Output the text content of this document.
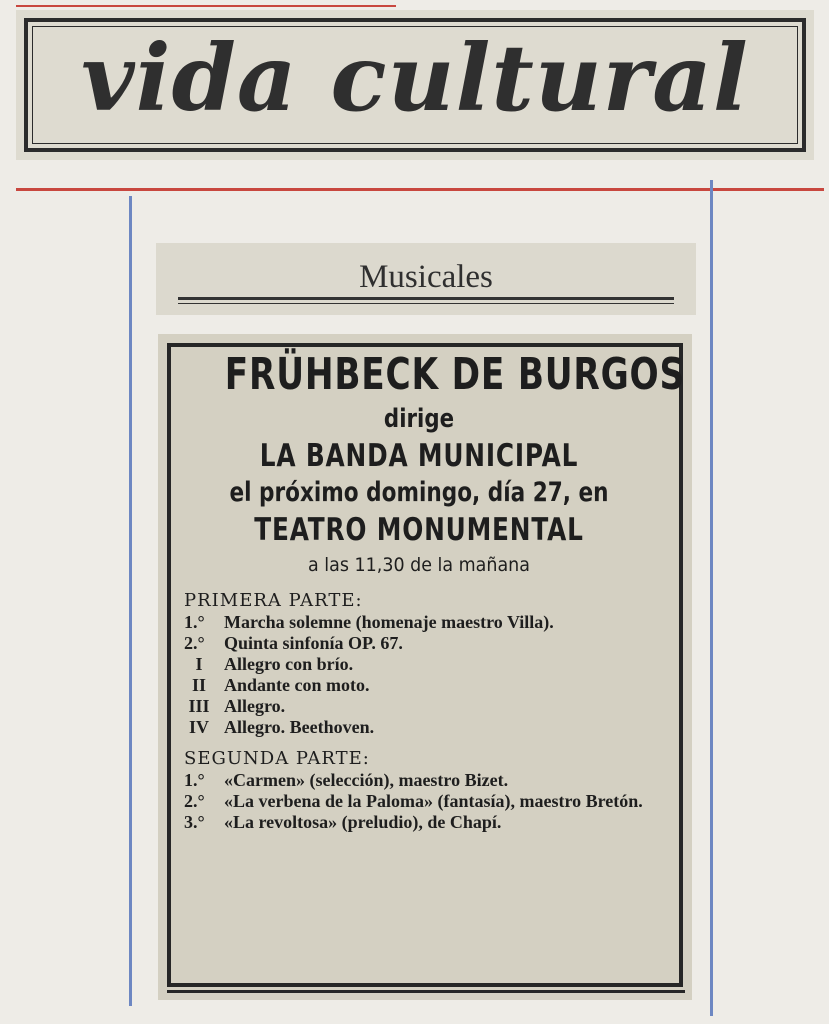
vida cultural
Musicales
FRÜHBECK DE BURGOS
dirige
LA BANDA MUNICIPAL
el próximo domingo, día 27, en
TEATRO MONUMENTAL
a las 11,30 de la mañana
PRIMERA PARTE:
1.°	Marcha solemne (homenaje maestro Villa).
2.°	Quinta sinfonía OP. 67.
I	Allegro con brío.
II	Andante con moto.
III Allegro.
IV Allegro. Beethoven.
SEGUNDA PARTE:
1.°	«Carmen» (selección), maestro Bizet.
2.°	«La verbena de la Paloma» (fantasía), maestro Bretón.
3.°	«La revoltosa» (preludio), de Chapí.
